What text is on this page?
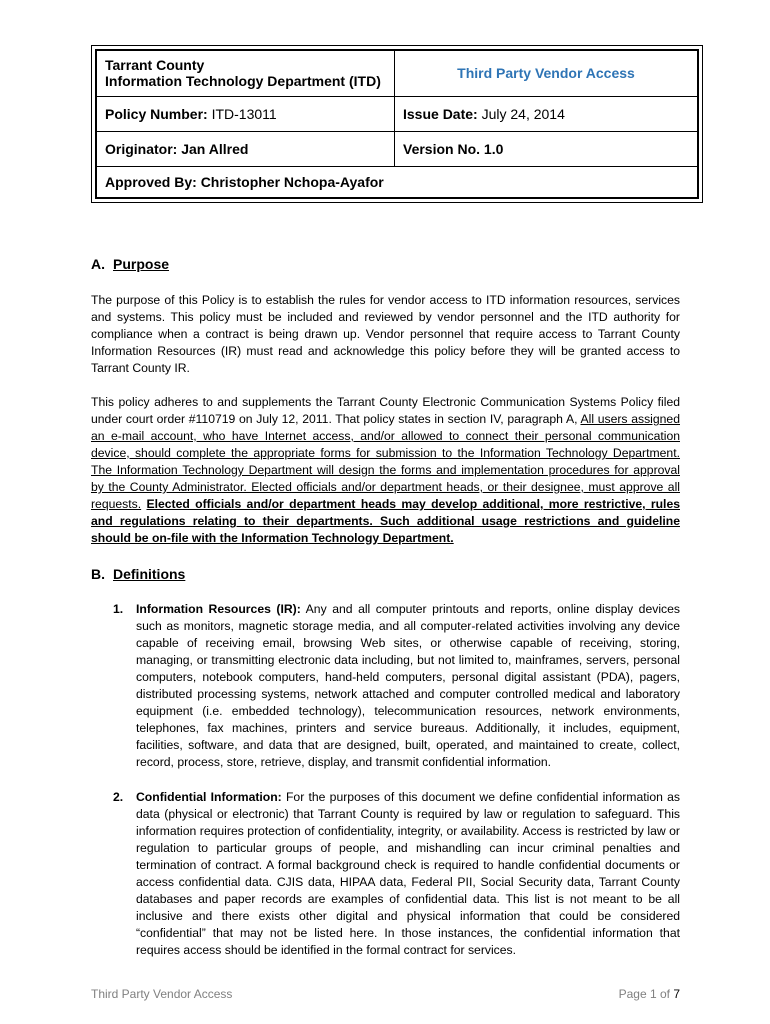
Tarrant County
Information Technology Department (ITD)	Third Party Vendor Access
Policy Number: ITD-13011	Issue Date: July 24, 2014
Originator: Jan Allred	Version No. 1.0
Approved By: Christopher Nchopa-Ayafor	
A. Purpose

The purpose of this Policy is to establish the rules for vendor access to ITD information resources, services and systems. This policy must be included and reviewed by vendor personnel and the ITD authority for compliance when a contract is being drawn up. Vendor personnel that require access to Tarrant County Information Resources (IR) must read and acknowledge this policy before they will be granted access to Tarrant County IR.

This policy adheres to and supplements the Tarrant County Electronic Communication Systems Policy filed under court order #110719 on July 12, 2011. That policy states in section IV, paragraph A, All users assigned an e-mail account, who have Internet access, and/or allowed to connect their personal communication device, should complete the appropriate forms for submission to the Information Technology Department. The Information Technology Department will design the forms and implementation procedures for approval by the County Administrator. Elected officials and/or department heads, or their designee, must approve all requests. Elected officials and/or department heads may develop additional, more restrictive, rules and regulations relating to their departments. Such additional usage restrictions and guideline should be on-file with the Information Technology Department.

B. Definitions
1. Information Resources (IR): Any and all computer printouts and reports, online display devices such as monitors, magnetic storage media, and all computer-related activities involving any device capable of receiving email, browsing Web sites, or otherwise capable of receiving, storing, managing, or transmitting electronic data including, but not limited to, mainframes, servers, personal computers, notebook computers, hand-held computers, personal digital assistant (PDA), pagers, distributed processing systems, network attached and computer controlled medical and laboratory equipment (i.e. embedded technology), telecommunication resources, network environments, telephones, fax machines, printers and service bureaus. Additionally, it includes, equipment, facilities, software, and data that are designed, built, operated, and maintained to create, collect, record, process, store, retrieve, display, and transmit confidential information.
2. Confidential Information: For the purposes of this document we define confidential information as data (physical or electronic) that Tarrant County is required by law or regulation to safeguard. This information requires protection of confidentiality, integrity, or availability. Access is restricted by law or regulation to particular groups of people, and mishandling can incur criminal penalties and termination of contract. A formal background check is required to handle confidential documents or access confidential data. CJIS data, HIPAA data, Federal PII, Social Security data, Tarrant County databases and paper records are examples of confidential data. This list is not meant to be all inclusive and there exists other digital and physical information that could be considered “confidential” that may not be listed here. In those instances, the confidential information that requires access should be identified in the formal contract for services.
Third Party Vendor Access	Page 1 of 7
